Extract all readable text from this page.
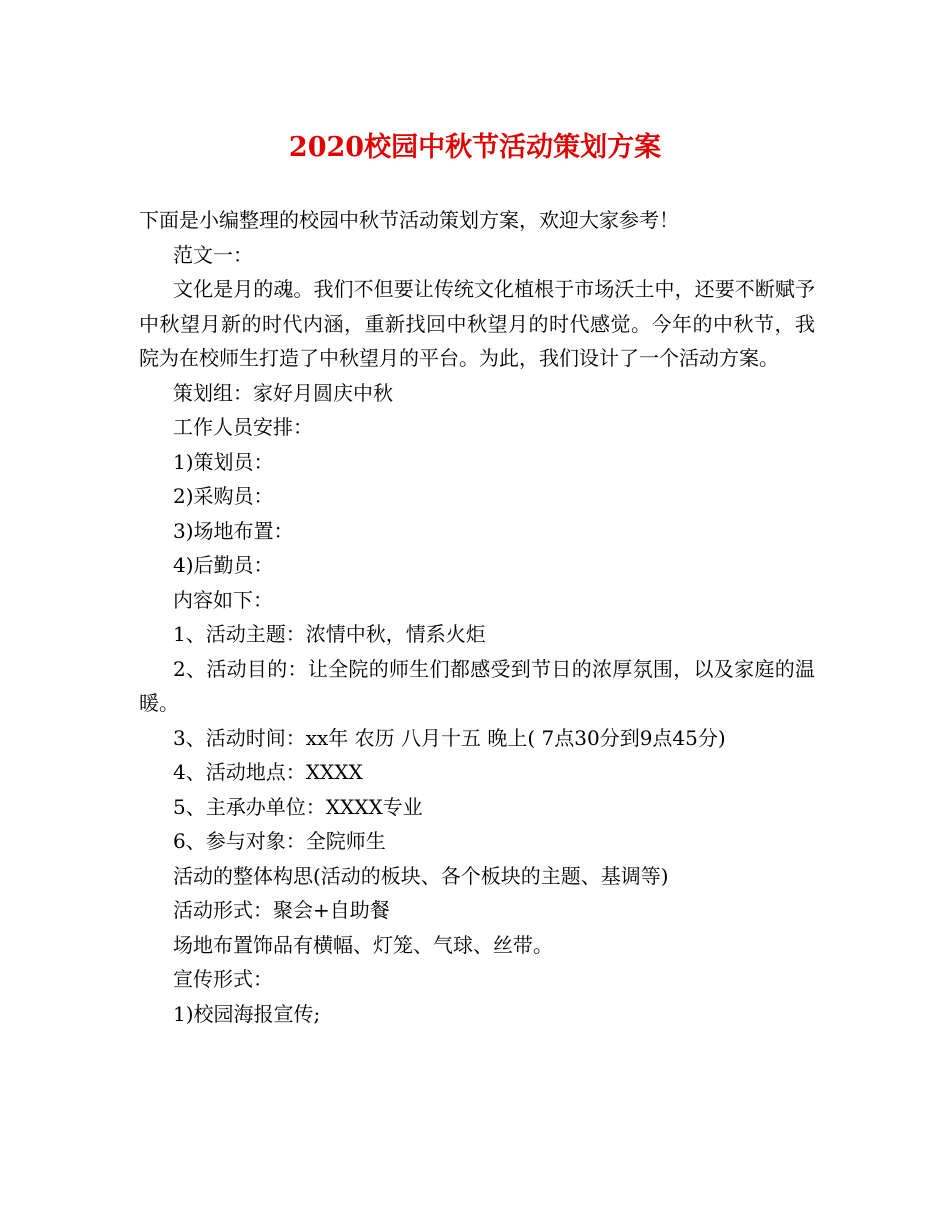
2020校园中秋节活动策划方案

下面是小编整理的校园中秋节活动策划方案，欢迎大家参考！

范文一：

文化是月的魂。我们不但要让传统文化植根于市场沃土中，还要不断赋予中秋望月新的时代内涵，重新找回中秋望月的时代感觉。今年的中秋节，我院为在校师生打造了中秋望月的平台。为此，我们设计了一个活动方案。

策划组：家好月圆庆中秋

工作人员安排：

1)策划员：

2)采购员：

3)场地布置：

4)后勤员：

内容如下：

1、活动主题：浓情中秋，情系火炬

2、活动目的：让全院的师生们都感受到节日的浓厚氛围，以及家庭的温暖。

3、活动时间：xx年 农历 八月十五 晚上( 7点30分到9点45分)

4、活动地点：XXXX

5、主承办单位：XXXX专业

6、参与对象：全院师生

活动的整体构思(活动的板块、各个板块的主题、基调等)

活动形式：聚会+自助餐

场地布置饰品有横幅、灯笼、气球、丝带。

宣传形式：

1)校园海报宣传;
